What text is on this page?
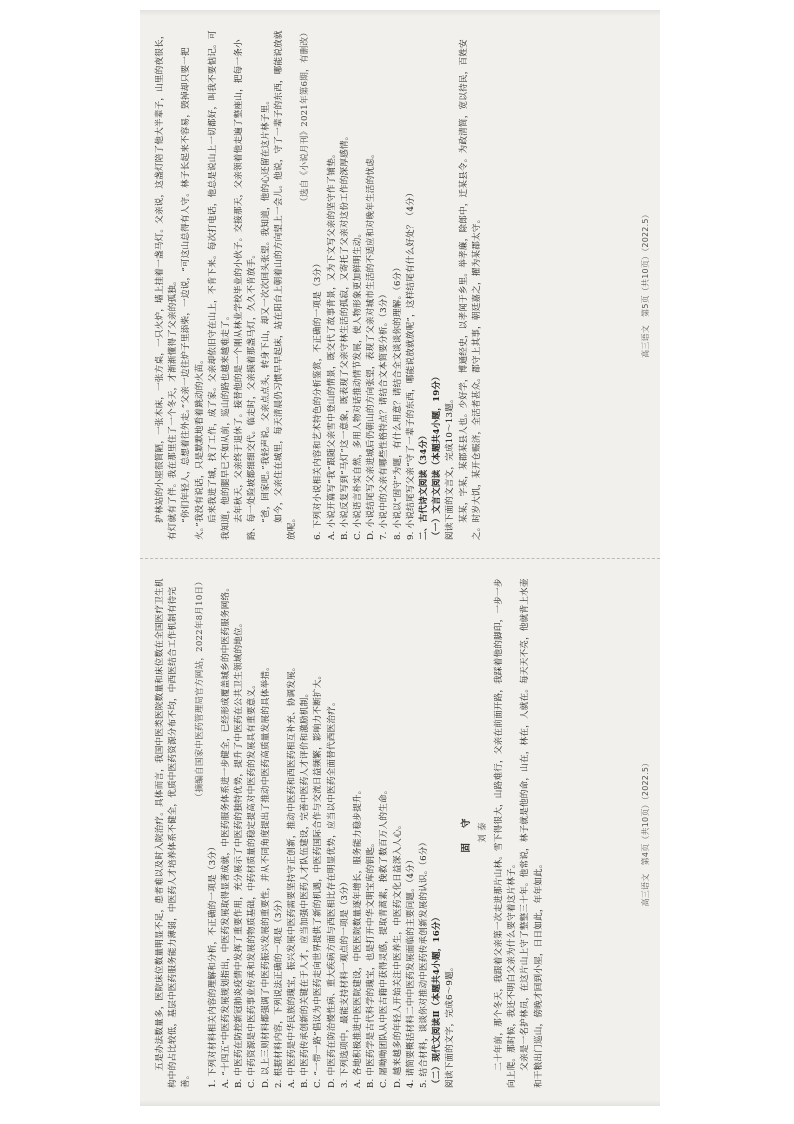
五是办法数量多，医院床位数量明显不足，患者难以及时入院治疗。具体而言，我国中医类医院数量和床位数在全国医疗卫生机构中的占比较低，基层中医药服务能力薄弱，中医药人才培养体系不健全，优质中医药资源分布不均，中西医结合工作机制有待完善。

（摘编自国家中医药管理局官方网站，2022年8月10日）

1. 下列对材料相关内容的理解和分析，不正确的一项是（3分） A. “十四五”中医药发展规划指出，中医药发展取得显著成就，中医药服务体系进一步健全，已经形成覆盖城乡的中医药服务网络。 B. 中医药在防控新冠肺炎疫情中发挥了重要作用，充分展示了中医药的独特优势，提升了中医药在公共卫生领域的地位。 C. 中药资源是中医药事业传承和发展的物质基础，中药材质量的稳定提高对中医药的发展具有重要意义。 D. 以上三则材料都强调了中医药振兴发展的重要性，并从不同角度提出了推动中医药高质量发展的具体举措。 2. 根据材料内容，下列说法正确的一项是（3分） A. 中医药是中华民族的瑰宝，振兴发展中医药需要坚持守正创新，推动中医药和西医药相互补充、协调发展。 B. 中医药传承创新的关键在于人才，应当加强中医药人才队伍建设，完善中医药人才评价和激励机制。 C. “一带一路”倡议为中医药走向世界提供了新的机遇，中医药国际合作与交流日益频繁，影响力不断扩大。 D. 中医药在防治慢性病、重大疾病方面与西医相比存在明显优势，应当以中医药全面替代西医治疗。 3. 下列选项中，最能支持材料一观点的一项是（3分） A. 各地积极推进中医医院建设，中医医院数量逐年增长，服务能力稳步提升。 B. 中医药学是古代科学的瑰宝，也是打开中华文明宝库的钥匙。 C. 屠呦呦团队从中医古籍中获得灵感，提取青蒿素，挽救了数百万人的生命。 D. 越来越多的年轻人开始关注中医养生，中医药文化日益深入人心。 4. 请简要概括材料二中中医药发展面临的主要问题。（4分） 5. 结合材料，谈谈你对推动中医药传承创新发展的认识。（6分） （二）现代文阅读Ⅱ（本题共4小题，16分） 阅读下面的文字，完成6～9题。

固 守 刘 泰 二十年前，那个冬天，我跟着父亲第一次走进那片山林。雪下得很大，山路难行，父亲在前面开路，我踩着他的脚印，一步一步向上爬。那时候，我还不明白父亲为什么要守着这片林子。 父亲是一名护林员，在这片山上守了整整三十年。他常说，林子就是他的命，山在，林在，人就在。每天天不亮，他就背上水壶和干粮出门巡山，傍晚才回到小屋，日日如此，年年如此。

高三语文　第4页（共10页）（2022.5）

护林站的小屋很简陋，一张木床，一张方桌，一只火炉，墙上挂着一盏马灯。父亲说，这盏灯陪了他大半辈子，山里的夜很长，有灯就有了伴。我在那里住了一个冬天，才渐渐懂得了父亲的孤独。 “你们年轻人，总想着往外走。”父亲一边往炉子里添柴，一边说，“可这山总得有人守。林子长起来不容易，毁掉却只要一把火。”我没有说话，只是默默地看着跳动的火苗。 后来我进了城，找了工作，成了家。父亲却依旧守在山上，不肯下来。每次打电话，他总是说山上一切都好，叫我不要惦记。可我知道，他的腿早已不如从前，巡山的路也越来越难走了。 去年秋天，父亲终于退休了。接替他的是一个刚从林业学校毕业的小伙子。交接那天，父亲领着他走遍了整座山，把每一条小路、每一处险坡都细细交代。临走时，父亲摸着那盏马灯，久久不肯放手。 “爸，回家吧。”我轻声说。父亲点点头，转身下山，却又一次次回头张望。我知道，他的心还留在这片林子里。 如今，父亲住在城里，每天清晨仍习惯早早起床，站在阳台上朝着山的方向望上一会儿。他说，守了一辈子的东西，哪能说放就放呢。

（选自《小说月刊》2021年第6期，有删改）

6. 下列对小说相关内容和艺术特色的分析鉴赏，不正确的一项是（3分） A. 小说开篇写“我”跟随父亲雪中登山的情景，既交代了故事背景，又为下文写父亲的坚守作了铺垫。 B. 小说反复写到“马灯”这一意象，既表现了父亲守林生活的孤寂，又寄托了父亲对这份工作的深厚感情。 C. 小说语言朴实自然，多用人物对话推动情节发展，使人物形象更加鲜明生动。 D. 小说结尾写父亲进城后仍朝山的方向张望，表现了父亲对城市生活的不适应和对晚年生活的忧虑。 7. 小说中的父亲有哪些性格特点？请结合文本简要分析。（3分） 8. 小说以“固守”为题，有什么用意？请结合全文谈谈你的理解。（6分） 9. 小说结尾写父亲“守了一辈子的东西，哪能说放就放呢”，这样结尾有什么好处？（4分） 二、古代诗文阅读（34分） （一）文言文阅读（本题共4小题，19分） 阅读下面的文言文，完成10～13题。 某某，字某，某郡某县人也。少好学，博通经史，以孝闻于乡里。举孝廉，除郎中，迁某县令。为政清简，宽以待民，百姓安之。时岁大饥，某开仓赈济，全活者甚众。郡守上其事，朝廷嘉之，擢为某郡太守。	高三语文　第5页（共10页）（2022.5）
